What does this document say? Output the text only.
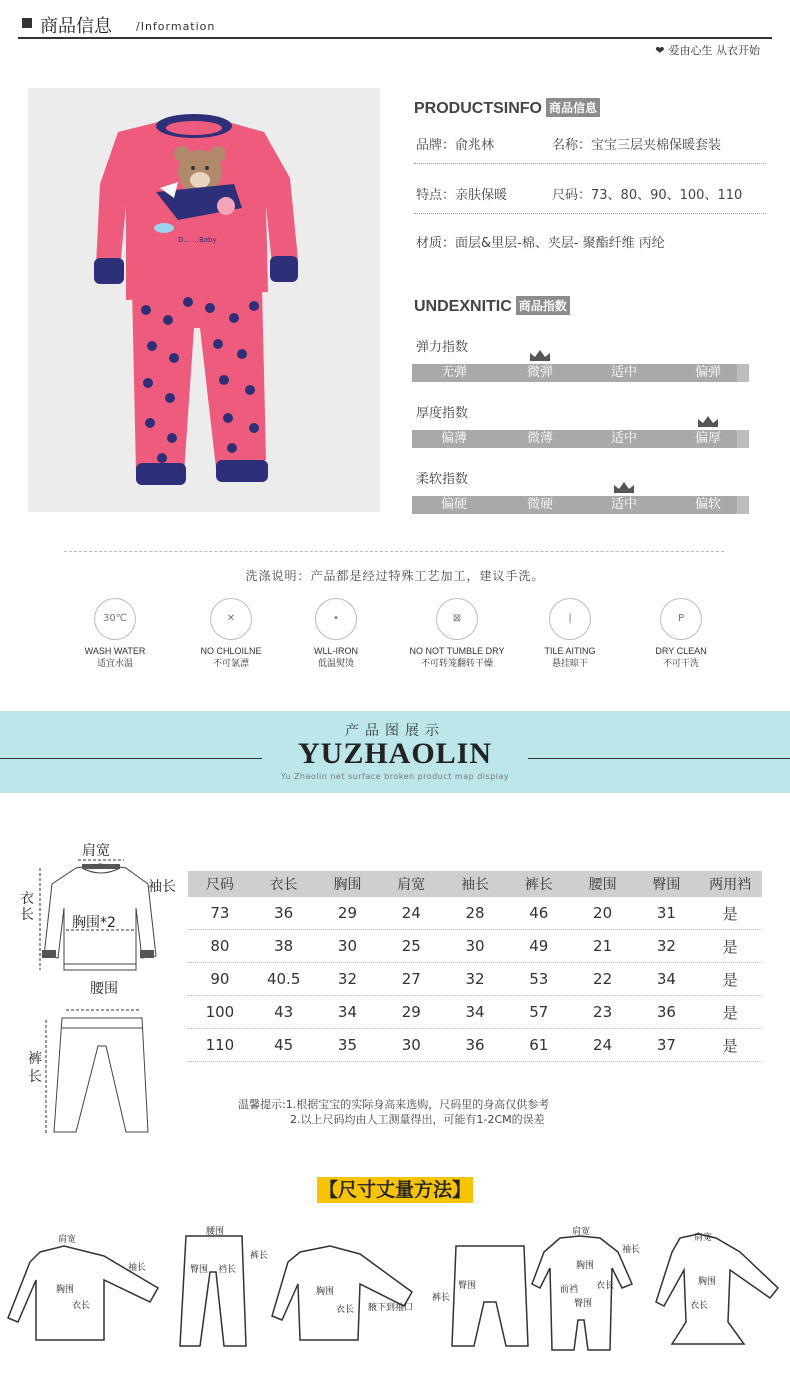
商品信息 /Information
❤ 爱由心生 从衣开始
D... ...Baby
PRODUCTSINFO 商品信息
品牌：俞兆林	名称：宝宝三层夹棉保暖套装
特点：亲肤保暖	尺码：73、80、90、100、110
材质：面层&里层-棉、夹层- 聚酯纤维 丙纶
UNDEXNITIC 商品指数
弹力指数
无弹	微弹	适中	偏弹
厚度指数
偏薄	微薄	适中	偏厚
柔软指数
偏硬	微硬	适中	偏软
洗涤说明：产品都是经过特殊工艺加工，建议手洗。
30℃
WASH WATER
适宜水温
✕
NO CHLOILNE
不可氯漂
•
WLL-IRON
低温熨烫
⊠
NO NOT TUMBLE DRY
不可转笼翻转干燥
|
TILE AITING
悬挂晾干
P
DRY CLEAN
不可干洗
产品图展示
YUZHAOLIN
Yu Zhaolin net surface broken product map display
肩宽
袖长
衣
长	胸围*2
腰围
裤
长
尺码	衣长	胸围	肩宽	袖长	裤长	腰围	臀围	两用裆
73	36	29	24	28	46	20	31	是
80	38	30	25	30	49	21	32	是
90	40.5	32	27	32	53	22	34	是
100	43	34	29	34	57	23	36	是
110	45	35	30	36	61	24	37	是
温馨提示:1.根据宝宝的实际身高来选购，尺码里的身高仅供参考
2.以上尺码均由人工测量得出，可能有1-2CM的误差
【尺寸丈量方法】
肩宽
袖长
胸围
衣长
腰围
臀围 裆长
裤长
胸围
衣长 腋下到袖口
臀围
裤长
肩宽
袖长
胸围
衣长
臀围
前裆
肩宽
胸围
衣长
